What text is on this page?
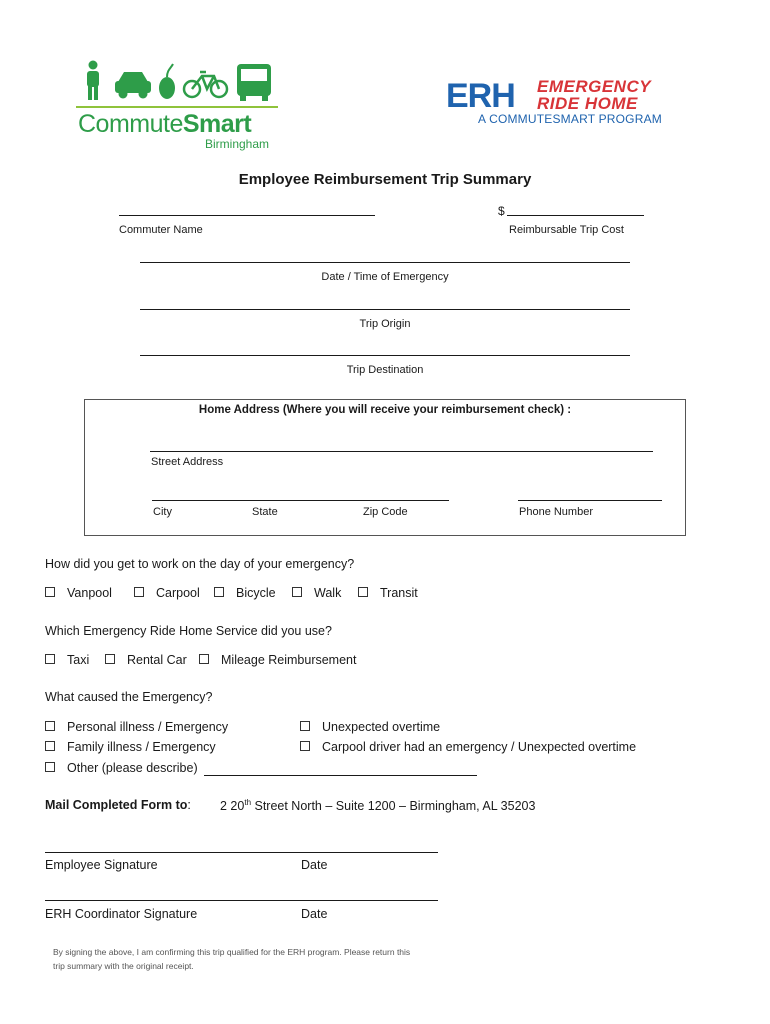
CommuteSmart
Birmingham
ERH EMERGENCY
RIDE HOME
A COMMUTESMART PROGRAM
Employee Reimbursement Trip Summary
Commuter Name
$
Reimbursable Trip Cost
Date / Time of Emergency
Trip Origin
Trip Destination
Home Address (Where you will receive your reimbursement check) :
Street Address
City	State	Zip Code	Phone Number
How did you get to work on the day of your emergency?
Vanpool	Carpool	Bicycle	Walk	Transit
Which Emergency Ride Home Service did you use?
Taxi	Rental Car	Mileage Reimbursement
What caused the Emergency?
Personal illness / Emergency	Unexpected overtime
Family illness / Emergency	Carpool driver had an emergency / Unexpected overtime
Other (please describe)
Mail Completed Form to: 2 20th Street North – Suite 1200 – Birmingham, AL 35203
Employee Signature	Date
ERH Coordinator Signature	Date
By signing the above, I am confirming this trip qualified for the ERH program. Please return this
trip summary with the original receipt.
